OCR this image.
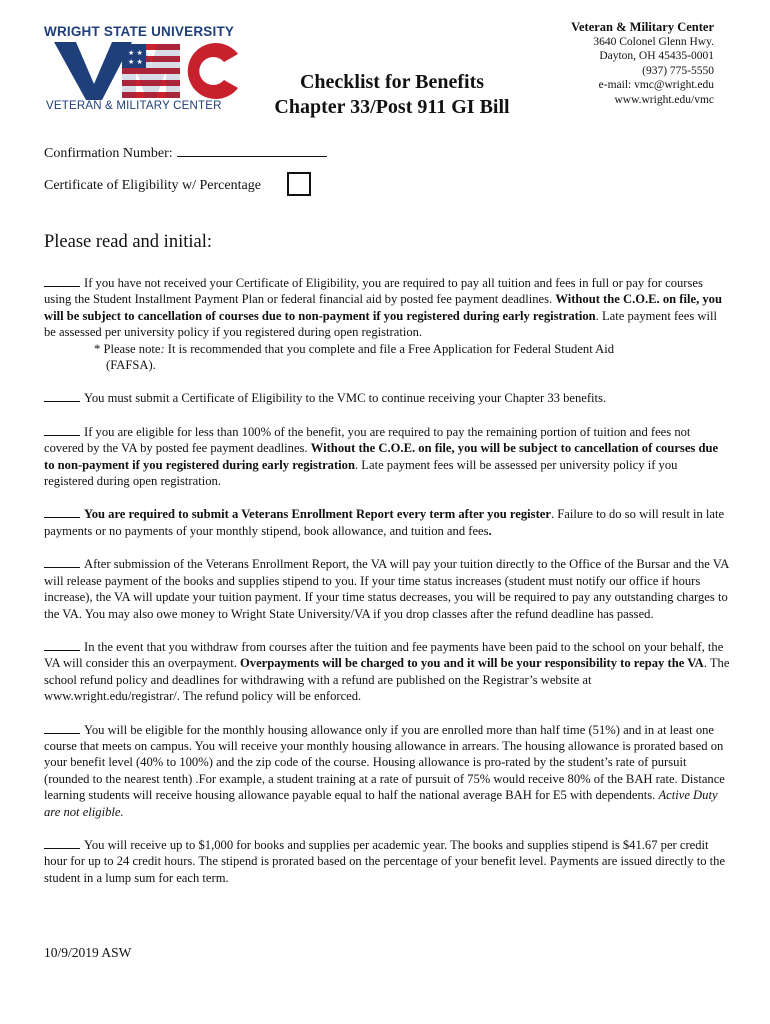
WRIGHT STATE UNIVERSITY
★ ★
★ ★
VETERAN & MILITARY CENTER
Checklist for Benefits
Chapter 33/Post 911 GI Bill
Veteran & Military Center
3640 Colonel Glenn Hwy.
Dayton, OH 45435-0001
(937) 775-5550
e-mail: vmc@wright.edu
www.wright.edu/vmc
Confirmation Number:
Certificate of Eligibility w/ Percentage
Please read and initial:

If you have not received your Certificate of Eligibility, you are required to pay all tuition and fees in full or pay for courses using the Student Installment Payment Plan or federal financial aid by posted fee payment deadlines. Without the C.O.E. on file, you will be subject to cancellation of courses due to non-payment if you registered during early registration. Late payment fees will be assessed per university policy if you registered during open registration.
* Please note: It is recommended that you complete and file a Free Application for Federal Student Aid
(FAFSA).

You must submit a Certificate of Eligibility to the VMC to continue receiving your Chapter 33 benefits.

If you are eligible for less than 100% of the benefit, you are required to pay the remaining portion of tuition and fees not covered by the VA by posted fee payment deadlines. Without the C.O.E. on file, you will be subject to cancellation of courses due to non-payment if you registered during early registration. Late payment fees will be assessed per university policy if you registered during open registration.

You are required to submit a Veterans Enrollment Report every term after you register. Failure to do so will result in late payments or no payments of your monthly stipend, book allowance, and tuition and fees.

After submission of the Veterans Enrollment Report, the VA will pay your tuition directly to the Office of the Bursar and the VA will release payment of the books and supplies stipend to you. If your time status increases (student must notify our office if hours increase), the VA will update your tuition payment. If your time status decreases, you will be required to pay any outstanding charges to the VA. You may also owe money to Wright State University/VA if you drop classes after the refund deadline has passed.

In the event that you withdraw from courses after the tuition and fee payments have been paid to the school on your behalf, the VA will consider this an overpayment. Overpayments will be charged to you and it will be your responsibility to repay the VA. The school refund policy and deadlines for withdrawing with a refund are published on the Registrar’s website at www.wright.edu/registrar/. The refund policy will be enforced.

You will be eligible for the monthly housing allowance only if you are enrolled more than half time (51%) and in at least one course that meets on campus. You will receive your monthly housing allowance in arrears. The housing allowance is prorated based on your benefit level (40% to 100%) and the zip code of the course. Housing allowance is pro-rated by the student’s rate of pursuit (rounded to the nearest tenth) .For example, a student training at a rate of pursuit of 75% would receive 80% of the BAH rate. Distance learning students will receive housing allowance payable equal to half the national average BAH for E5 with dependents. Active Duty are not eligible.

You will receive up to $1,000 for books and supplies per academic year. The books and supplies stipend is $41.67 per credit hour for up to 24 credit hours. The stipend is prorated based on the percentage of your benefit level. Payments are issued directly to the student in a lump sum for each term.

10/9/2019 ASW
